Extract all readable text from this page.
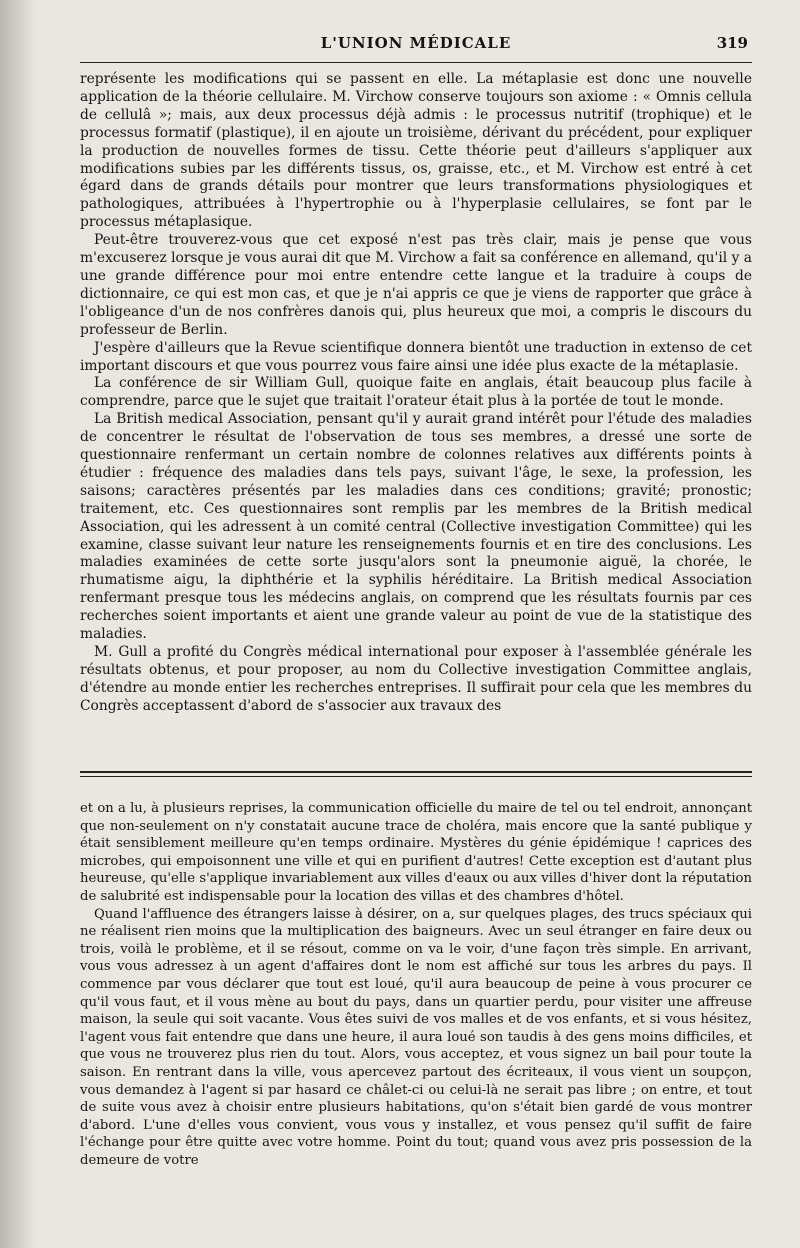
L'UNION MÉDICALE	319

représente les modifications qui se passent en elle. La métaplasie est donc une nouvelle application de la théorie cellulaire. M. Virchow conserve toujours son axiome : « Omnis cellula de cellulâ »; mais, aux deux processus déjà admis : le processus nutritif (trophique) et le processus formatif (plastique), il en ajoute un troisième, dérivant du précédent, pour expliquer la production de nouvelles formes de tissu. Cette théorie peut d'ailleurs s'appliquer aux modifications subies par les différents tissus, os, graisse, etc., et M. Virchow est entré à cet égard dans de grands détails pour montrer que leurs transformations physiologiques et pathologiques, attribuées à l'hypertrophie ou à l'hyperplasie cellulaires, se font par le processus métaplasique.

Peut-être trouverez-vous que cet exposé n'est pas très clair, mais je pense que vous m'excuserez lorsque je vous aurai dit que M. Virchow a fait sa conférence en allemand, qu'il y a une grande différence pour moi entre entendre cette langue et la traduire à coups de dictionnaire, ce qui est mon cas, et que je n'ai appris ce que je viens de rapporter que grâce à l'obligeance d'un de nos confrères danois qui, plus heureux que moi, a compris le discours du professeur de Berlin.

J'espère d'ailleurs que la Revue scientifique donnera bientôt une traduction in extenso de cet important discours et que vous pourrez vous faire ainsi une idée plus exacte de la métaplasie.

La conférence de sir William Gull, quoique faite en anglais, était beaucoup plus facile à comprendre, parce que le sujet que traitait l'orateur était plus à la portée de tout le monde.

La British medical Association, pensant qu'il y aurait grand intérêt pour l'étude des maladies de concentrer le résultat de l'observation de tous ses membres, a dressé une sorte de questionnaire renfermant un certain nombre de colonnes relatives aux différents points à étudier : fréquence des maladies dans tels pays, suivant l'âge, le sexe, la profession, les saisons; caractères présentés par les maladies dans ces conditions; gravité; pronostic; traitement, etc. Ces questionnaires sont remplis par les membres de la British medical Association, qui les adressent à un comité central (Collective investigation Committee) qui les examine, classe suivant leur nature les renseignements fournis et en tire des conclusions. Les maladies examinées de cette sorte jusqu'alors sont la pneumonie aiguë, la chorée, le rhumatisme aigu, la diphthérie et la syphilis héréditaire. La British medical Association renfermant presque tous les médecins anglais, on comprend que les résultats fournis par ces recherches soient importants et aient une grande valeur au point de vue de la statistique des maladies.

M. Gull a profité du Congrès médical international pour exposer à l'assemblée générale les résultats obtenus, et pour proposer, au nom du Collective investigation Committee anglais, d'étendre au monde entier les recherches entreprises. Il suffirait pour cela que les membres du Congrès acceptassent d'abord de s'associer aux travaux des

et on a lu, à plusieurs reprises, la communication officielle du maire de tel ou tel endroit, annonçant que non-seulement on n'y constatait aucune trace de choléra, mais encore que la santé publique y était sensiblement meilleure qu'en temps ordinaire. Mystères du génie épidémique ! caprices des microbes, qui empoisonnent une ville et qui en purifient d'autres! Cette exception est d'autant plus heureuse, qu'elle s'applique invariablement aux villes d'eaux ou aux villes d'hiver dont la réputation de salubrité est indispensable pour la location des villas et des chambres d'hôtel.

Quand l'affluence des étrangers laisse à désirer, on a, sur quelques plages, des trucs spéciaux qui ne réalisent rien moins que la multiplication des baigneurs. Avec un seul étranger en faire deux ou trois, voilà le problème, et il se résout, comme on va le voir, d'une façon très simple. En arrivant, vous vous adressez à un agent d'affaires dont le nom est affiché sur tous les arbres du pays. Il commence par vous déclarer que tout est loué, qu'il aura beaucoup de peine à vous procurer ce qu'il vous faut, et il vous mène au bout du pays, dans un quartier perdu, pour visiter une affreuse maison, la seule qui soit vacante. Vous êtes suivi de vos malles et de vos enfants, et si vous hésitez, l'agent vous fait entendre que dans une heure, il aura loué son taudis à des gens moins difficiles, et que vous ne trouverez plus rien du tout. Alors, vous acceptez, et vous signez un bail pour toute la saison. En rentrant dans la ville, vous apercevez partout des écriteaux, il vous vient un soupçon, vous demandez à l'agent si par hasard ce châlet-ci ou celui-là ne serait pas libre ; on entre, et tout de suite vous avez à choisir entre plusieurs habitations, qu'on s'était bien gardé de vous montrer d'abord. L'une d'elles vous convient, vous vous y installez, et vous pensez qu'il suffit de faire l'échange pour être quitte avec votre homme. Point du tout; quand vous avez pris possession de la demeure de votre
